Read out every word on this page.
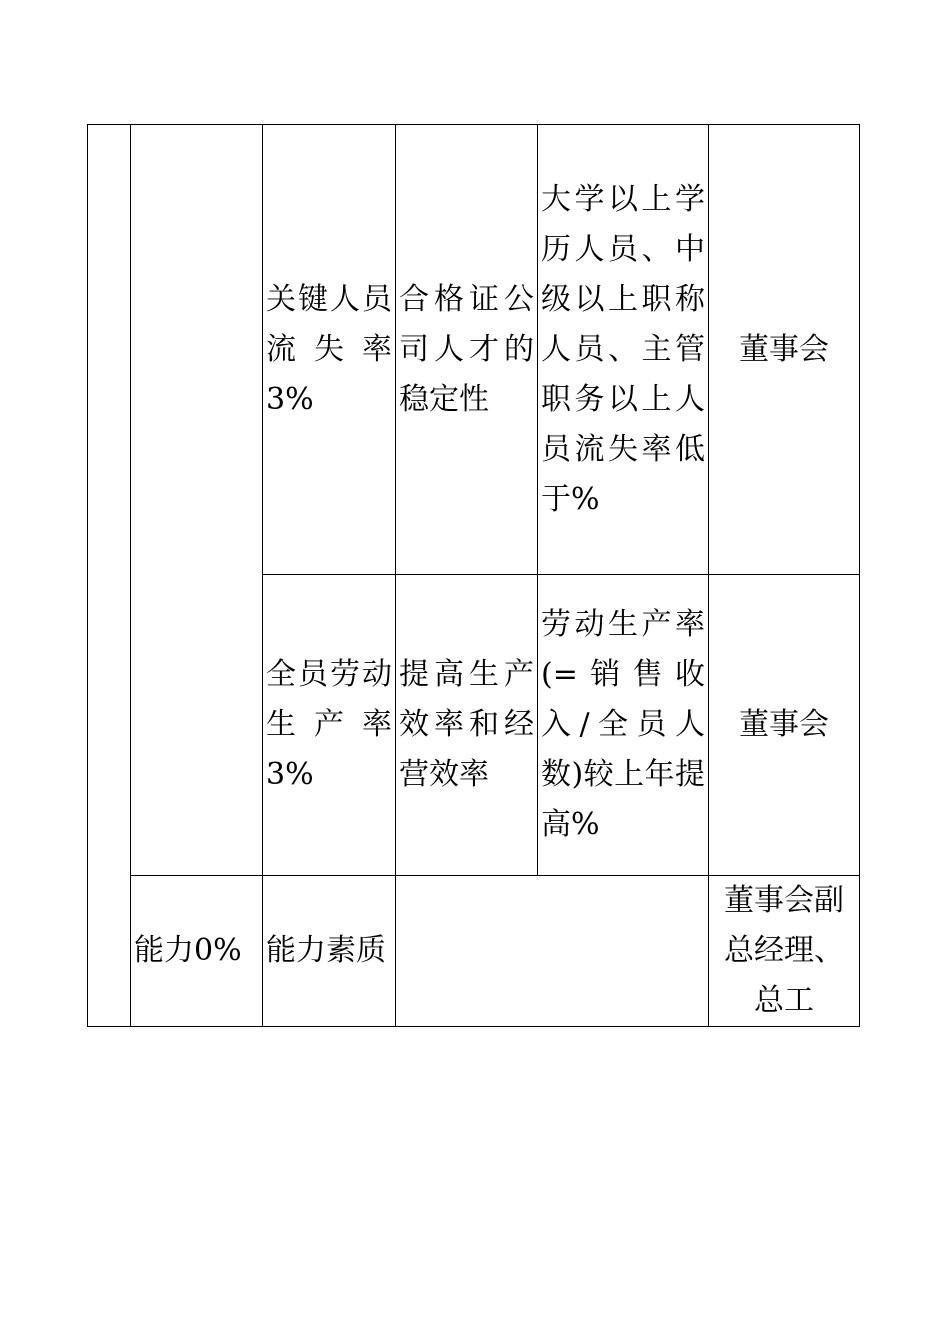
		关键人员流失率3%	合格证公司人才的稳定性	大学以上学历人员、中级以上职称人员、主管职务以上人员流失率低于%	董事会
		全员劳动生产率3%	提高生产效率和经营效率	劳动生产率(=销售收入/全员人数)较上年提高%	董事会
	能力0%	能力素质			董事会副总经理、总工
